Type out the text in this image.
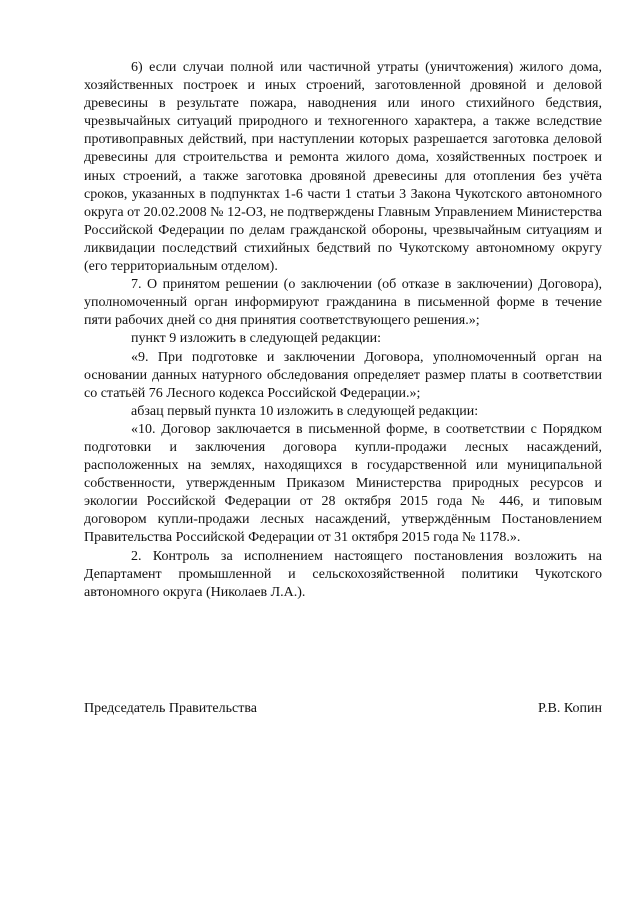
6) если случаи полной или частичной утраты (уничтожения) жилого дома, хозяйственных построек и иных строений, заготовленной дровяной и деловой древесины в результате пожара, наводнения или иного стихийного бедствия, чрезвычайных ситуаций природного и техногенного характера, а также вследствие противоправных действий, при наступлении которых разрешается заготовка деловой древесины для строительства и ремонта жилого дома, хозяйственных построек и иных строений, а также заготовка дровяной древесины для отопления без учёта сроков, указанных в подпунктах 1-6 части 1 статьи 3 Закона Чукотского автономного округа от 20.02.2008 № 12-ОЗ, не подтверждены Главным Управлением Министерства Российской Федерации по делам гражданской обороны, чрезвычайным ситуациям и ликвидации последствий стихийных бедствий по Чукотскому автономному округу (его территориальным отделом).

7. О принятом решении (о заключении (об отказе в заключении) Договора), уполномоченный орган информируют гражданина в письменной форме в течение пяти рабочих дней со дня принятия соответствующего решения.»;

пункт 9 изложить в следующей редакции:

«9. При подготовке и заключении Договора, уполномоченный орган на основании данных натурного обследования определяет размер платы в соответствии со статьёй 76 Лесного кодекса Российской Федерации.»;

абзац первый пункта 10 изложить в следующей редакции:

«10. Договор заключается в письменной форме, в соответствии с Порядком подготовки и заключения договора купли-продажи лесных насаждений, расположенных на землях, находящихся в государственной или муниципальной собственности, утвержденным Приказом Министерства природных ресурсов и экологии Российской Федерации от 28 октября 2015 года № 446, и типовым договором купли-продажи лесных насаждений, утверждённым Постановлением Правительства Российской Федерации от 31 октября 2015 года № 1178.».

2. Контроль за исполнением настоящего постановления возложить на Департамент промышленной и сельскохозяйственной политики Чукотского автономного округа (Николаев Л.А.).

Председатель Правительства	Р.В. Копин
